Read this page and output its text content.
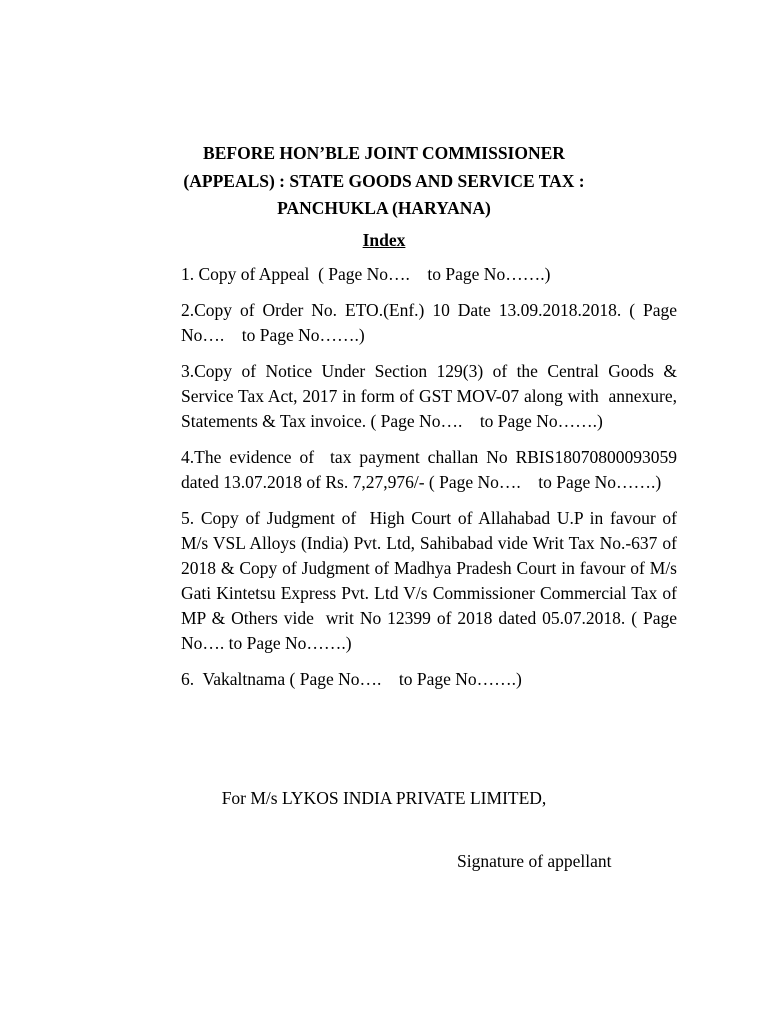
BEFORE HON’BLE JOINT COMMISSIONER
(APPEALS) : STATE GOODS AND SERVICE TAX :
PANCHUKLA (HARYANA)
Index

1. Copy of Appeal  ( Page No….    to Page No…….)

2.Copy of Order No. ETO.(Enf.) 10 Date 13.09.2018.2018. ( Page No….    to Page No…….)

3.Copy of Notice Under Section 129(3) of the Central Goods & Service Tax Act, 2017 in form of GST MOV-07 along with  annexure, Statements & Tax invoice. ( Page No….    to Page No…….)

4.The evidence of  tax payment challan No RBIS18070800093059 dated 13.07.2018 of Rs. 7,27,976/- ( Page No….    to Page No…….)

5. Copy of Judgment of  High Court of Allahabad U.P in favour of M/s VSL Alloys (India) Pvt. Ltd, Sahibabad vide Writ Tax No.-637 of 2018 & Copy of Judgment of Madhya Pradesh Court in favour of M/s Gati Kintetsu Express Pvt. Ltd V/s Commissioner Commercial Tax of MP & Others vide  writ No 12399 of 2018 dated 05.07.2018. ( Page No…. to Page No…….)

6.  Vakaltnama ( Page No….    to Page No…….)

For M/s LYKOS INDIA PRIVATE LIMITED,
Signature of appellant
